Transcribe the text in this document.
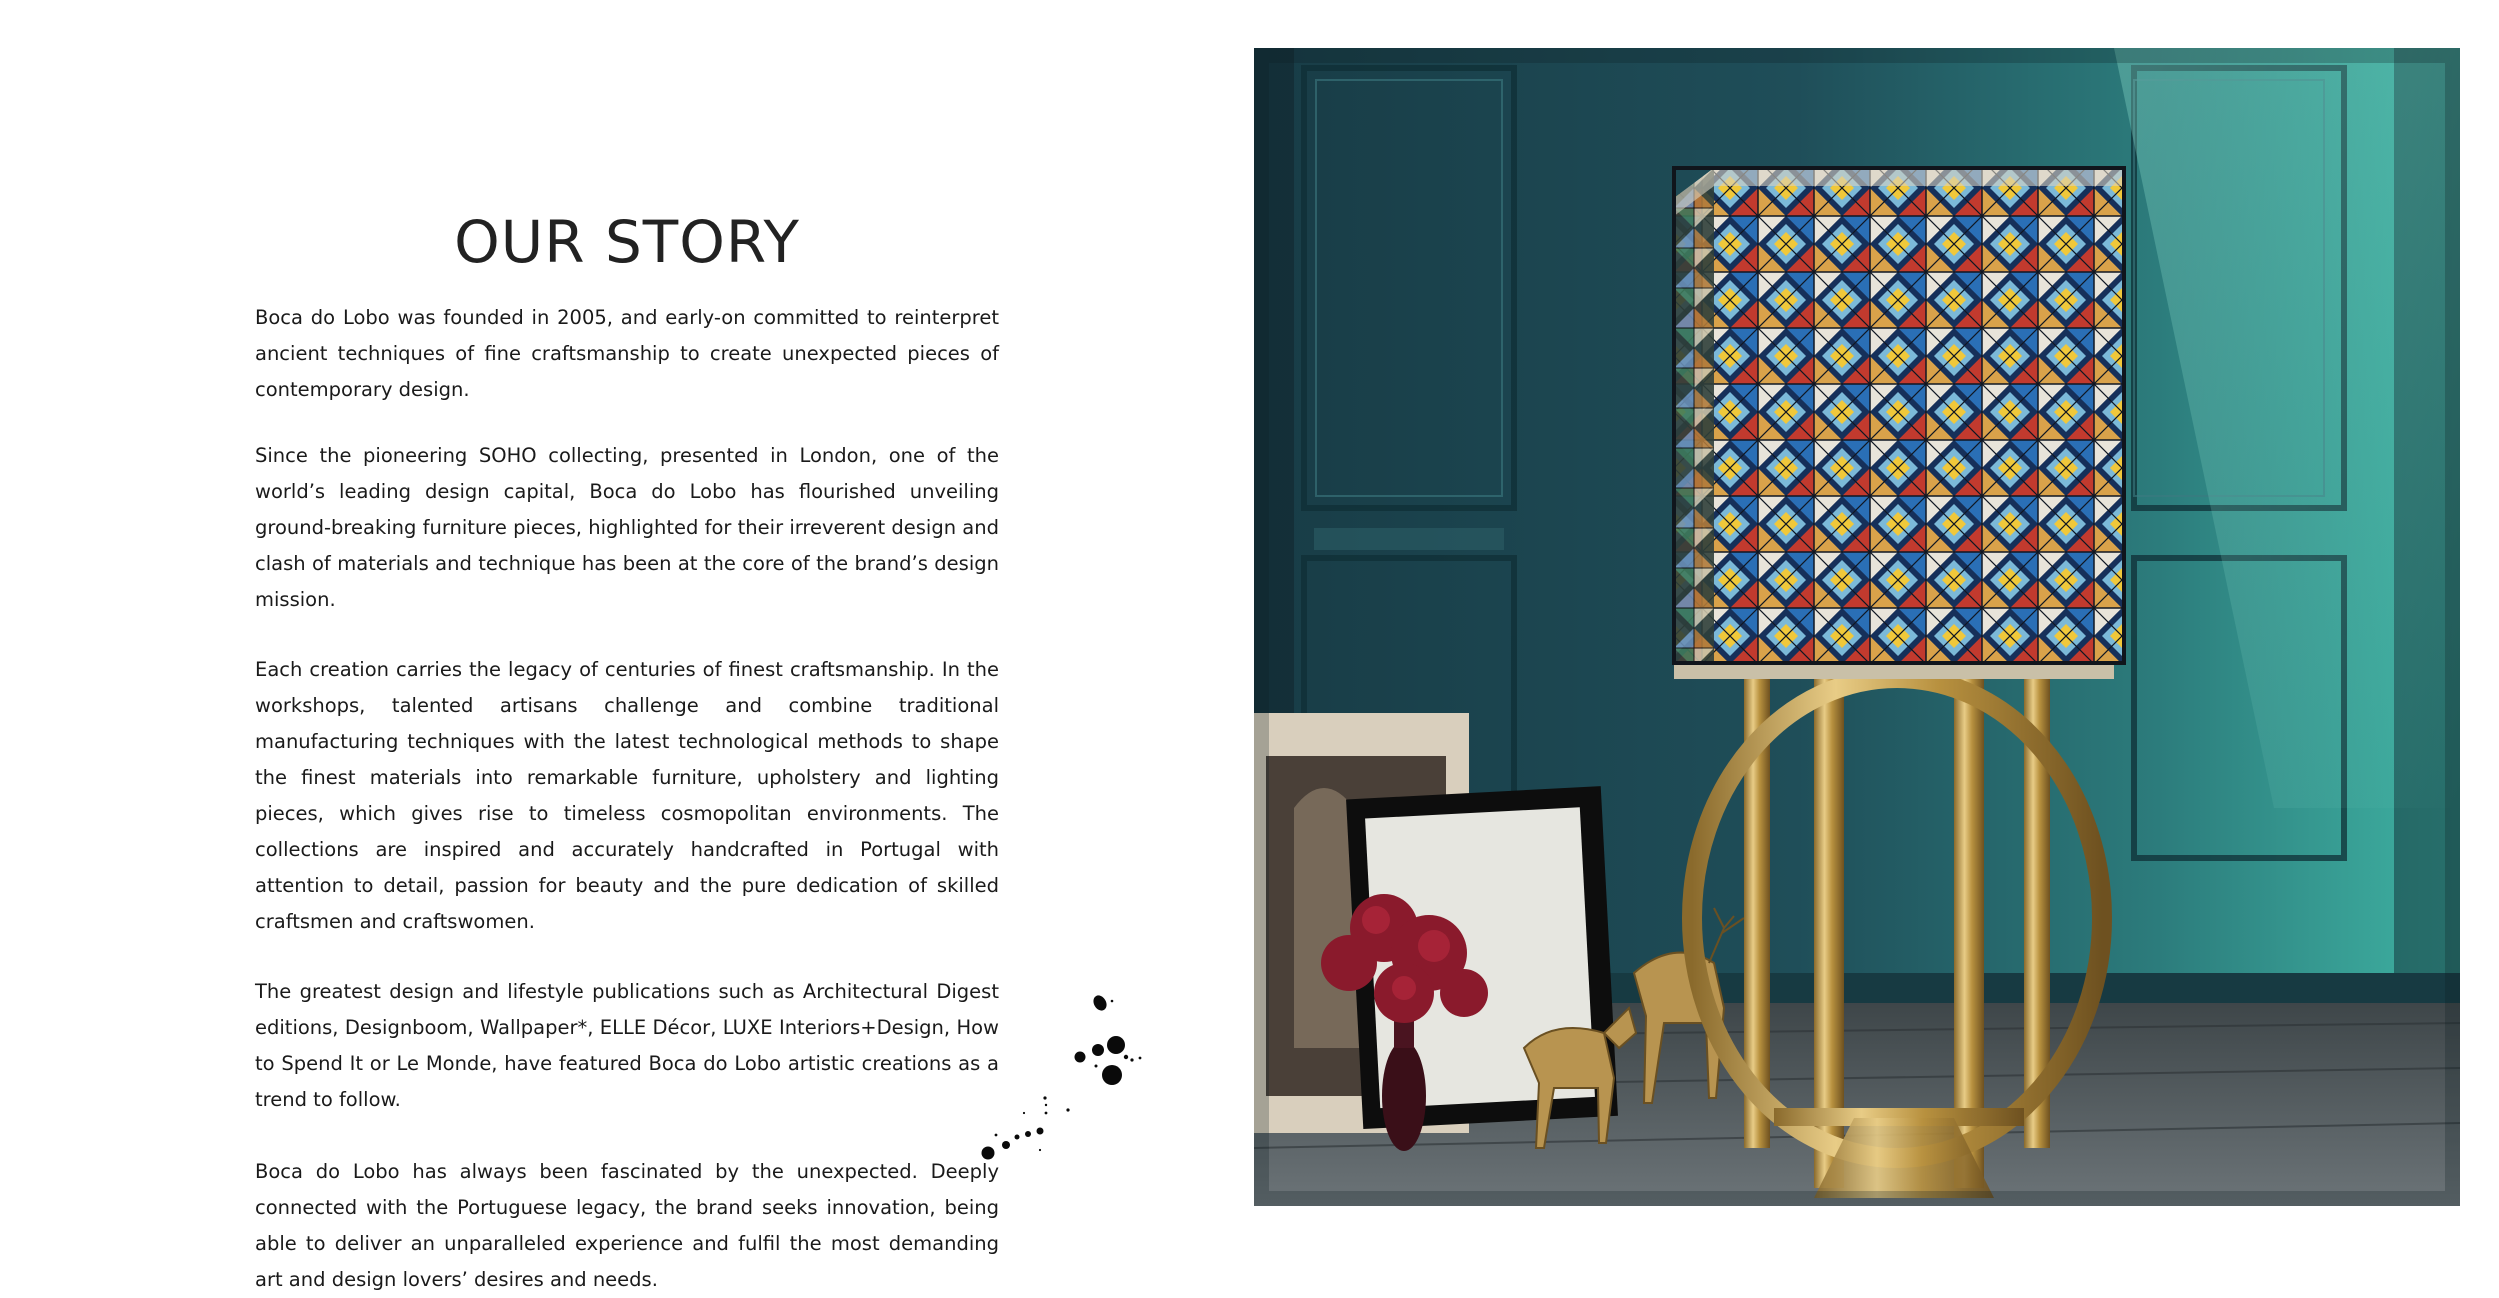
OUR STORY

Boca do Lobo was founded in 2005, and early-on committed to reinterpret ancient techniques of fine craftsmanship to create unexpected pieces of contemporary design.

Since the pioneering SOHO collecting, presented in London, one of the world’s leading design capital, Boca do Lobo has flourished unveiling ground-breaking furniture pieces, highlighted for their irreverent design and clash of materials and technique has been at the core of the brand’s design mission.

Each creation carries the legacy of centuries of finest craftsmanship. In the workshops, talented artisans challenge and combine traditional manufacturing techniques with the latest technological methods to shape the finest materials into remarkable furniture, upholstery and lighting pieces, which gives rise to timeless cosmopolitan environments. The collections are inspired and accurately handcrafted in Portugal with attention to detail, passion for beauty and the pure dedication of skilled craftsmen and craftswomen.

The greatest design and lifestyle publications such as Architectural Digest editions, Designboom, Wallpaper*, ELLE Décor, LUXE Interiors+Design, How to Spend It or Le Monde, have featured Boca do Lobo artistic creations as a trend to follow.

Boca do Lobo has always been fascinated by the unexpected. Deeply connected with the Portuguese legacy, the brand seeks innovation, being able to deliver an unparalleled experience and fulfil the most demanding art and design lovers’ desires and needs.
